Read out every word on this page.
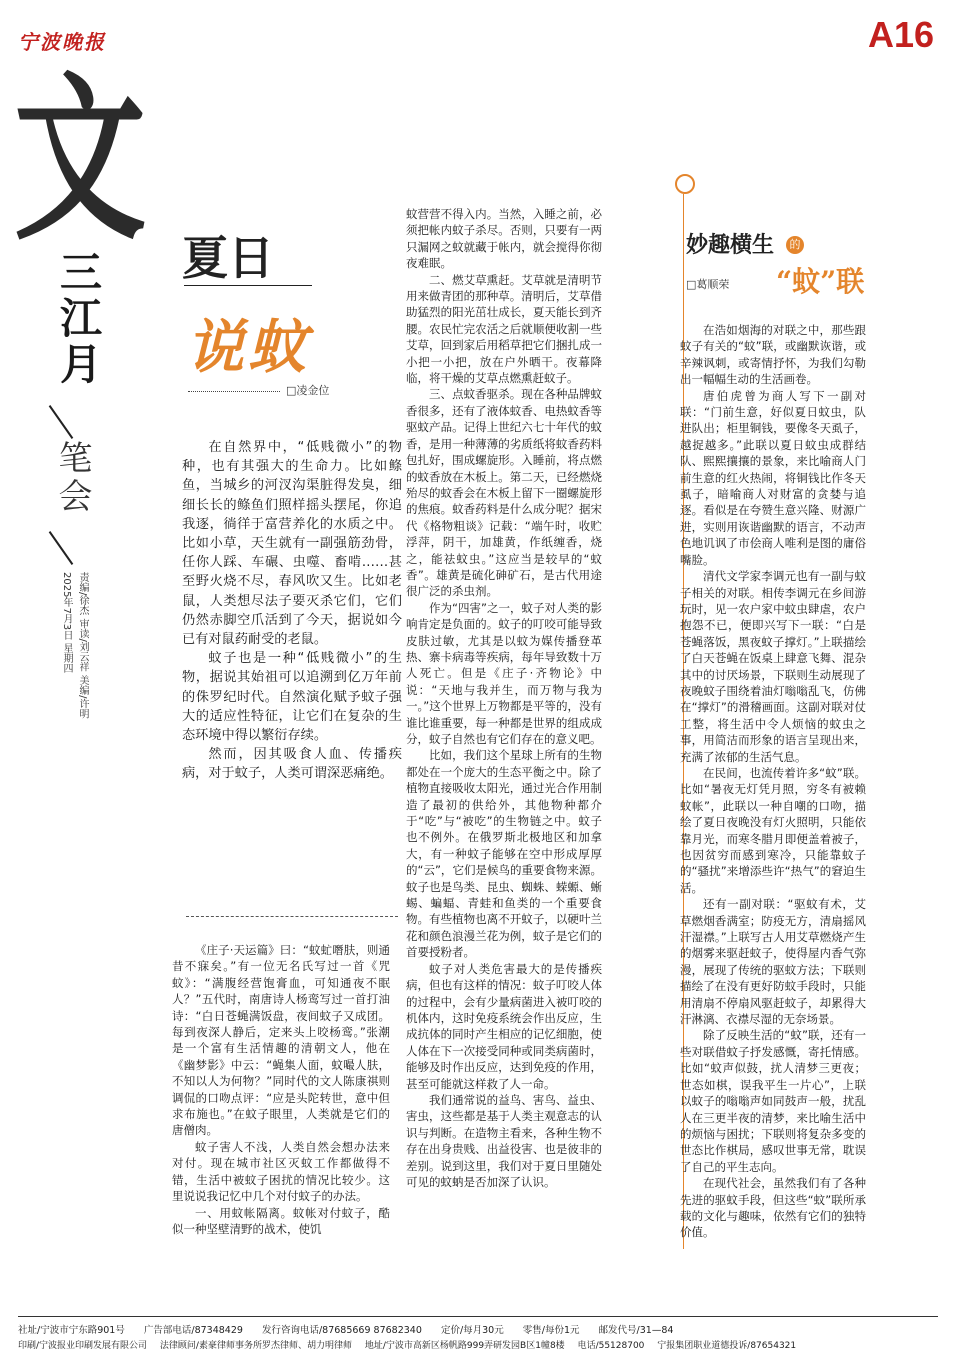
宁波晚报	A16
文
三江月
笔会
2025年7月3日 星期四 责编/徐杰 审读/刘云祥 美编/许明
夏日
说蚊
□凌金位

在自然界中，“低贱微小”的物种，也有其强大的生命力。比如鲦鱼，当城乡的河汊沟渠脏得发臭，细细长长的鲦鱼们照样摇头摆尾，你追我逐，徜徉于富营养化的水质之中。比如小草，天生就有一副强筋劲骨，任你人踩、车碾、虫噬、畜啃……甚至野火烧不尽，春风吹又生。比如老鼠，人类想尽法子要灭杀它们，它们仍然赤脚空爪活到了今天，据说如今已有对鼠药耐受的老鼠。

蚊子也是一种“低贱微小”的生物，据说其始祖可以追溯到亿万年前的侏罗纪时代。自然演化赋予蚊子强大的适应性特征，让它们在复杂的生态环境中得以繁衍存续。

然而，因其吸食人血、传播疾病，对于蚊子，人类可谓深恶痛绝。

《庄子·天运篇》曰：“蚊虻噆肤，则通昔不寐矣。”有一位无名氏写过一首《咒蚊》：“满腹经营饱膏血，可知通夜不眠人？”五代时，南唐诗人杨鸾写过一首打油诗：“白日苍蝇满饭盘，夜间蚊子又成团。每到夜深人静后，定来头上咬杨鸾。”张潮是一个富有生活情趣的清朝文人，他在《幽梦影》中云：“蝇集人面，蚊嘬人肤，不知以人为何物？”同时代的文人陈康祺则调侃的口吻点评：“应是头陀转世，意中但求布施也。”在蚊子眼里，人类就是它们的唐僧肉。

蚊子害人不浅，人类自然会想办法来对付。现在城市社区灭蚊工作都做得不错，生活中被蚊子困扰的情况比较少。这里说说我记忆中几个对付蚊子的办法。

一、用蚊帐隔离。蚊帐对付蚊子，酷似一种坚壁清野的战术，使饥

蚊营营不得入内。当然，入睡之前，必须把帐内蚊子杀尽。否则，只要有一两只漏网之蚊就藏于帐内，就会搅得你彻夜难眠。

二、燃艾草熏赶。艾草就是清明节用来做青团的那种草。清明后，艾草借助猛烈的阳光茁壮成长，夏天能长到齐腰。农民忙完农活之后就顺便收割一些艾草，回到家后用稻草把它们捆扎成一小把一小把，放在户外晒干。夜幕降临，将干燥的艾草点燃熏赶蚊子。

三、点蚊香驱杀。现在各种品牌蚊香很多，还有了液体蚊香、电热蚊香等驱蚊产品。记得上世纪六七十年代的蚊香，是用一种薄薄的劣质纸将蚊香药料包扎好，围成螺旋形。入睡前，将点燃的蚊香放在木板上。第二天，已经燃烧殆尽的蚊香会在木板上留下一圈螺旋形的焦痕。蚊香药料是什么成分呢？据宋代《格物粗谈》记载：“端午时，收贮浮萍，阴干，加雄黄，作纸缠香，烧之，能祛蚊虫。”这应当是较早的“蚊香”。雄黄是硫化砷矿石，是古代用途很广泛的杀虫剂。

作为“四害”之一，蚊子对人类的影响肯定是负面的。蚊子的叮咬可能导致皮肤过敏，尤其是以蚊为媒传播登革热、寨卡病毒等疾病，每年导致数十万人死亡。但是《庄子·齐物论》中说：“天地与我并生，而万物与我为一。”这个世界上万物都是平等的，没有谁比谁重要，每一种都是世界的组成成分，蚊子自然也有它们存在的意义吧。

比如，我们这个星球上所有的生物都处在一个庞大的生态平衡之中。除了植物直接吸收太阳光，通过光合作用制造了最初的供给外，其他物种都介于“吃”与“被吃”的生物链之中。蚊子也不例外。在俄罗斯北极地区和加拿大，有一种蚊子能够在空中形成厚厚的“云”，它们是候鸟的重要食物来源。蚊子也是鸟类、昆虫、蜘蛛、蝾螈、蜥蜴、蝙蝠、青蛙和鱼类的一个重要食物。有些植物也离不开蚊子，以硬叶兰花和颜色浪漫兰花为例，蚊子是它们的首要授粉者。

蚊子对人类危害最大的是传播疾病，但也有这样的情况：蚊子叮咬人体的过程中，会有少量病菌进入被叮咬的机体内，这时免疫系统会作出反应，生成抗体的同时产生相应的记忆细胞，使人体在下一次接受同种或同类病菌时，能够及时作出反应，达到免疫的作用，甚至可能就这样救了人一命。

我们通常说的益鸟、害鸟、益虫、害虫，这些都是基于人类主观意志的认识与判断。在造物主看来，各种生物不存在出身贵贱、出益役害、也是彼非的差别。说到这里，我们对于夏日里随处可见的蚊蚋是否加深了认识。

妙趣横生	的
“蚊”联
□葛顺荣

在浩如烟海的对联之中，那些跟蚊子有关的“蚊”联，或幽默诙谐，或辛辣讽刺，或寄情抒怀，为我们勾勒出一幅幅生动的生活画卷。

唐伯虎曾为商人写下一副对联：“门前生意，好似夏日蚊虫，队进队出；柜里铜钱，要像冬天虱子，越捉越多。”此联以夏日蚊虫成群结队、熙熙攘攘的景象，来比喻商人门前生意的红火热闹，将铜钱比作冬天虱子，暗喻商人对财富的贪婪与追逐。看似是在夸赞生意兴隆、财源广进，实则用诙谐幽默的语言，不动声色地讥讽了市侩商人唯利是图的庸俗嘴脸。

清代文学家李调元也有一副与蚊子相关的对联。相传李调元在乡间游玩时，见一农户家中蚊虫肆虐，农户抱怨不已，便即兴写下一联：“白是苍蝇落饭，黑夜蚊子撑灯。”上联描绘了白天苍蝇在饭桌上肆意飞舞、混杂其中的讨厌场景，下联则生动展现了夜晚蚊子围绕着油灯嗡嗡乱飞，仿佛在“撑灯”的滑稽画面。这副对联对仗工整，将生活中令人烦恼的蚊虫之事，用简洁而形象的语言呈现出来，充满了浓郁的生活气息。

在民间，也流传着许多“蚊”联。比如“暑夜无灯凭月照，穷冬有被赖蚊帐”，此联以一种自嘲的口吻，描绘了夏日夜晚没有灯火照明，只能依靠月光，而寒冬腊月即便盖着被子，也因贫穷而感到寒冷，只能靠蚊子的“骚扰”来增添些许“热气”的窘迫生活。

还有一副对联：“驱蚊有术，艾草燃烟香满室；防疫无方，清扇摇风汗湿襟。”上联写古人用艾草燃烧产生的烟雾来驱赶蚊子，使得屋内香气弥漫，展现了传统的驱蚊方法；下联则描绘了在没有更好防蚊手段时，只能用清扇不停扇风驱赶蚊子，却累得大汗淋漓、衣襟尽湿的无奈场景。

除了反映生活的“蚊”联，还有一些对联借蚊子抒发感慨，寄托情感。比如“蚊声似鼓，扰人清梦三更夜；世态如棋，误我平生一片心”，上联以蚊子的嗡嗡声如同鼓声一般，扰乱人在三更半夜的清梦，来比喻生活中的烦恼与困扰；下联则将复杂多变的世态比作棋局，感叹世事无常，耽误了自己的平生志向。

在现代社会，虽然我们有了各种先进的驱蚊手段，但这些“蚊”联所承载的文化与趣味，依然有它们的独特价值。

社址/宁波市宁东路901号 广告部电话/87348429 发行咨询电话/87685669 87682340 定价/每月30元 零售/每份1元 邮发代号/31—84
印刷/宁波报业印刷发展有限公司 法律顾问/素豪律师事务所罗杰律师、胡力明律师 地址/宁波市高新区杨帆路999弄研发园B区1幢8楼 电话/55128700 宁报集团职业道德投诉/87654321
